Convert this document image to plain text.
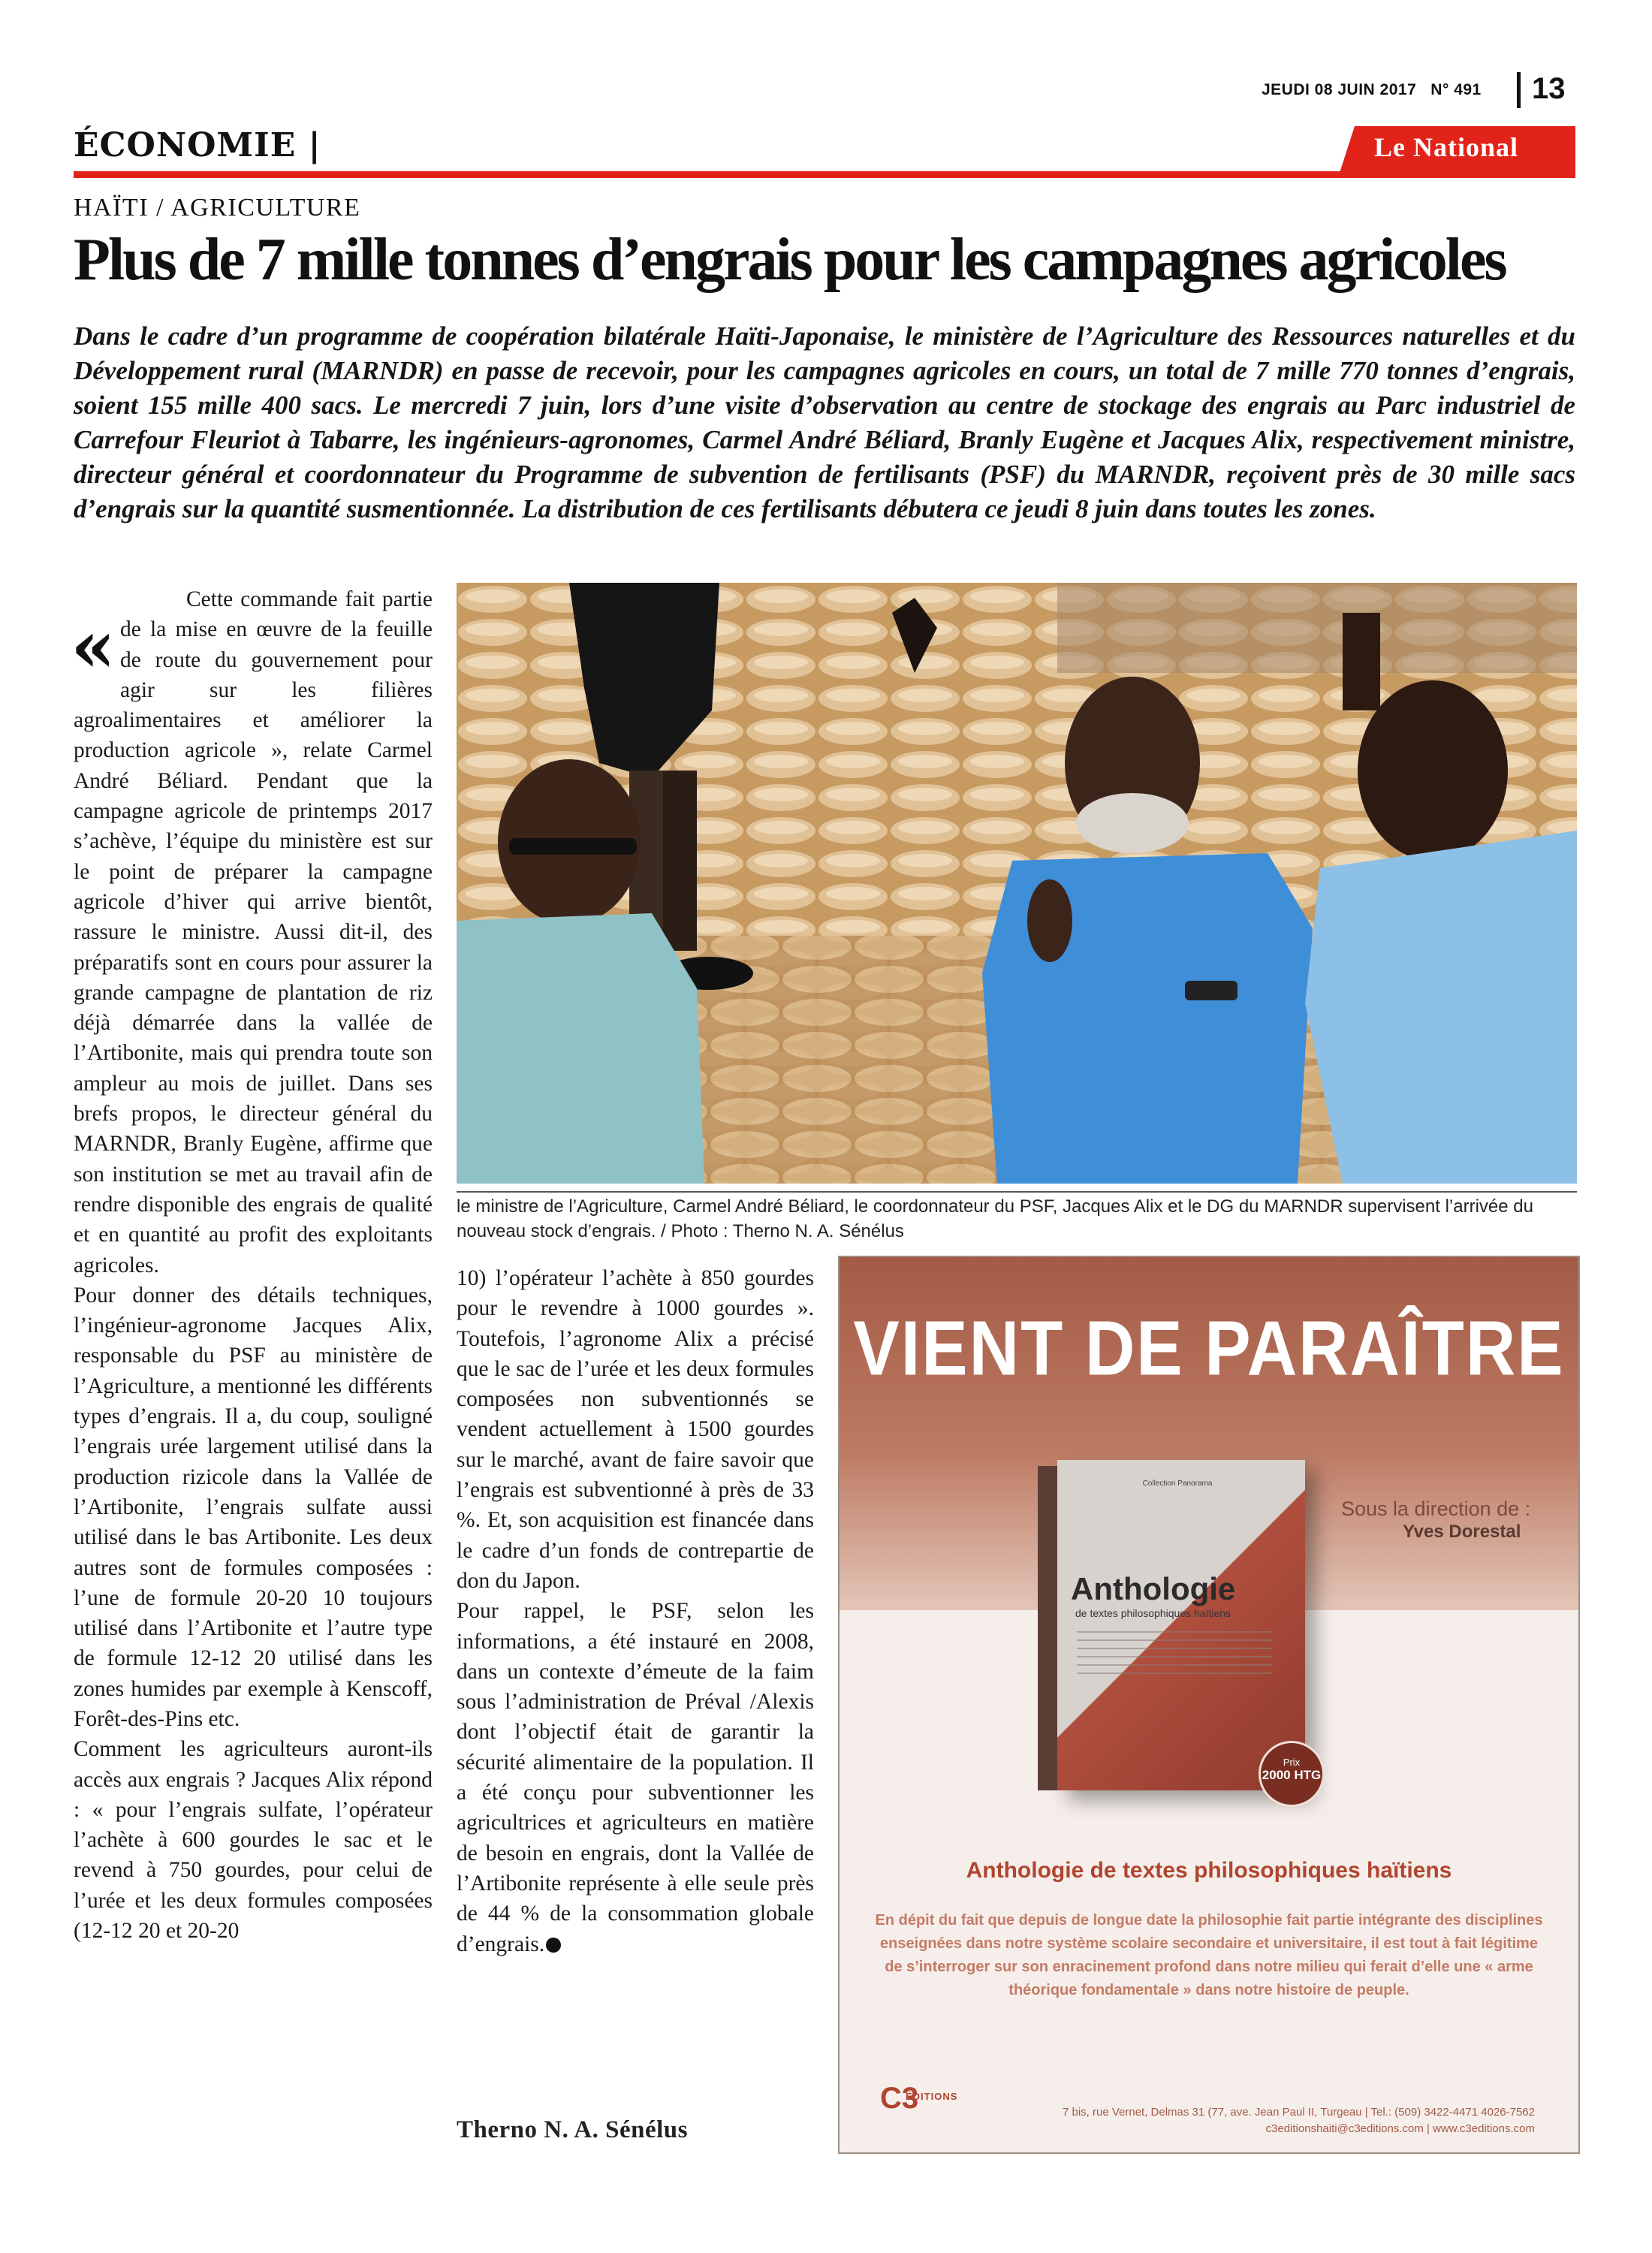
JEUDI 08 JUIN 2017 N° 491 13
ÉCONOMIE |	Le National
HAÏTI / AGRICULTURE
Plus de 7 mille tonnes d’engrais pour les campagnes agricoles
Dans le cadre d’un programme de coopération bilatérale Haïti-Japonaise, le ministère de l’Agriculture des Ressources naturelles et du Développement rural (MARNDR) en passe de recevoir, pour les campagnes agricoles en cours, un total de 7 mille 770 tonnes d’engrais, soient 155 mille 400 sacs. Le mercredi 7 juin, lors d’une visite d’observation au centre de stockage des engrais au Parc industriel de Carrefour Fleuriot à Tabarre, les ingénieurs-agronomes, Carmel André Béliard, Branly Eugène et Jacques Alix, respectivement ministre, directeur général et coordonnateur du Programme de subvention de fertilisants (PSF) du MARNDR, reçoivent près de 30 mille sacs d’engrais sur la quantité susmentionnée. La distribution de ces fertilisants débutera ce jeudi 8 juin dans toutes les zones.

«
Cette commande fait partie de la mise en œuvre de la feuille de route du gouvernement pour agir sur les filières agroalimentaires et améliorer la production agricole », relate Carmel André Béliard. Pendant que la campagne agricole de printemps 2017 s’achève, l’équipe du ministère est sur le point de préparer la campagne agricole d’hiver qui arrive bientôt, rassure le ministre. Aussi dit-il, des préparatifs sont en cours pour assurer la grande campagne de plantation de riz déjà démarrée dans la vallée de l’Artibonite, mais qui prendra toute son ampleur au mois de juillet. Dans ses brefs propos, le directeur général du MARNDR, Branly Eugène, affirme que son institution se met au travail afin de rendre disponible des engrais de qualité et en quantité au profit des exploitants agricoles.

Pour donner des détails techniques, l’ingénieur-agronome Jacques Alix, responsable du PSF au ministère de l’Agriculture, a mentionné les différents types d’engrais. Il a, du coup, souligné l’engrais urée largement utilisé dans la production rizicole dans la Vallée de l’Artibonite, l’engrais sulfate aussi utilisé dans le bas Artibonite. Les deux autres sont de formules composées : l’une de formule 20-20 10 toujours utilisé dans l’Artibonite et l’autre type de formule 12-12 20 utilisé dans les zones humides par exemple à Kenscoff, Forêt-des-Pins etc.

Comment les agriculteurs auront-ils accès aux engrais ? Jacques Alix répond : « pour l’engrais sulfate, l’opérateur l’achète à 600 gourdes le sac et le revend à 750 gourdes, pour celui de l’urée et les deux formules composées (12-12 20 et 20-20

le ministre de l’Agriculture, Carmel André Béliard, le coordonnateur du PSF, Jacques Alix et le DG du MARNDR supervisent l’arrivée du nouveau stock d’engrais. / Photo : Therno N. A. Sénélus

10) l’opérateur l’achète à 850 gourdes pour le revendre à 1000 gourdes ». Toutefois, l’agronome Alix a précisé que le sac de l’urée et les deux formules composées non subventionnés se vendent actuellement à 1500 gourdes sur le marché, avant de faire savoir que l’engrais est subventionné à près de 33 %. Et, son acquisition est financée dans le cadre d’un fonds de contrepartie de don du Japon.

Pour rappel, le PSF, selon les informations, a été instauré en 2008, dans un contexte d’émeute de la faim sous l’administration de Préval /Alexis dont l’objectif était de garantir la sécurité alimentaire de la population. Il a été conçu pour subventionner les agricultrices et agriculteurs en matière de besoin en engrais, dont la Vallée de l’Artibonite représente à elle seule près de 44 % de la consommation globale d’engrais.

Therno N. A. Sénélus
VIENT DE PARAÎTRE
Sous la direction de :
Yves Dorestal
Collection Panorama
Anthologie
de textes philosophiques haïtiens
Prix
2000 HTG
Anthologie de textes philosophiques haïtiens
En dépit du fait que depuis de longue date la philosophie fait partie intégrante des disciplines enseignées dans notre système scolaire secondaire et universitaire, il est tout à fait légitime de s’interroger sur son enracinement profond dans notre milieu qui ferait d’elle une « arme théorique fondamentale » dans notre histoire de peuple.
C3
ÉDITIONS
7 bis, rue Vernet, Delmas 31 (77, ave. Jean Paul II, Turgeau | Tel.: (509) 3422-4471 4026-7562
c3editionshaiti@c3editions.com | www.c3editions.com
